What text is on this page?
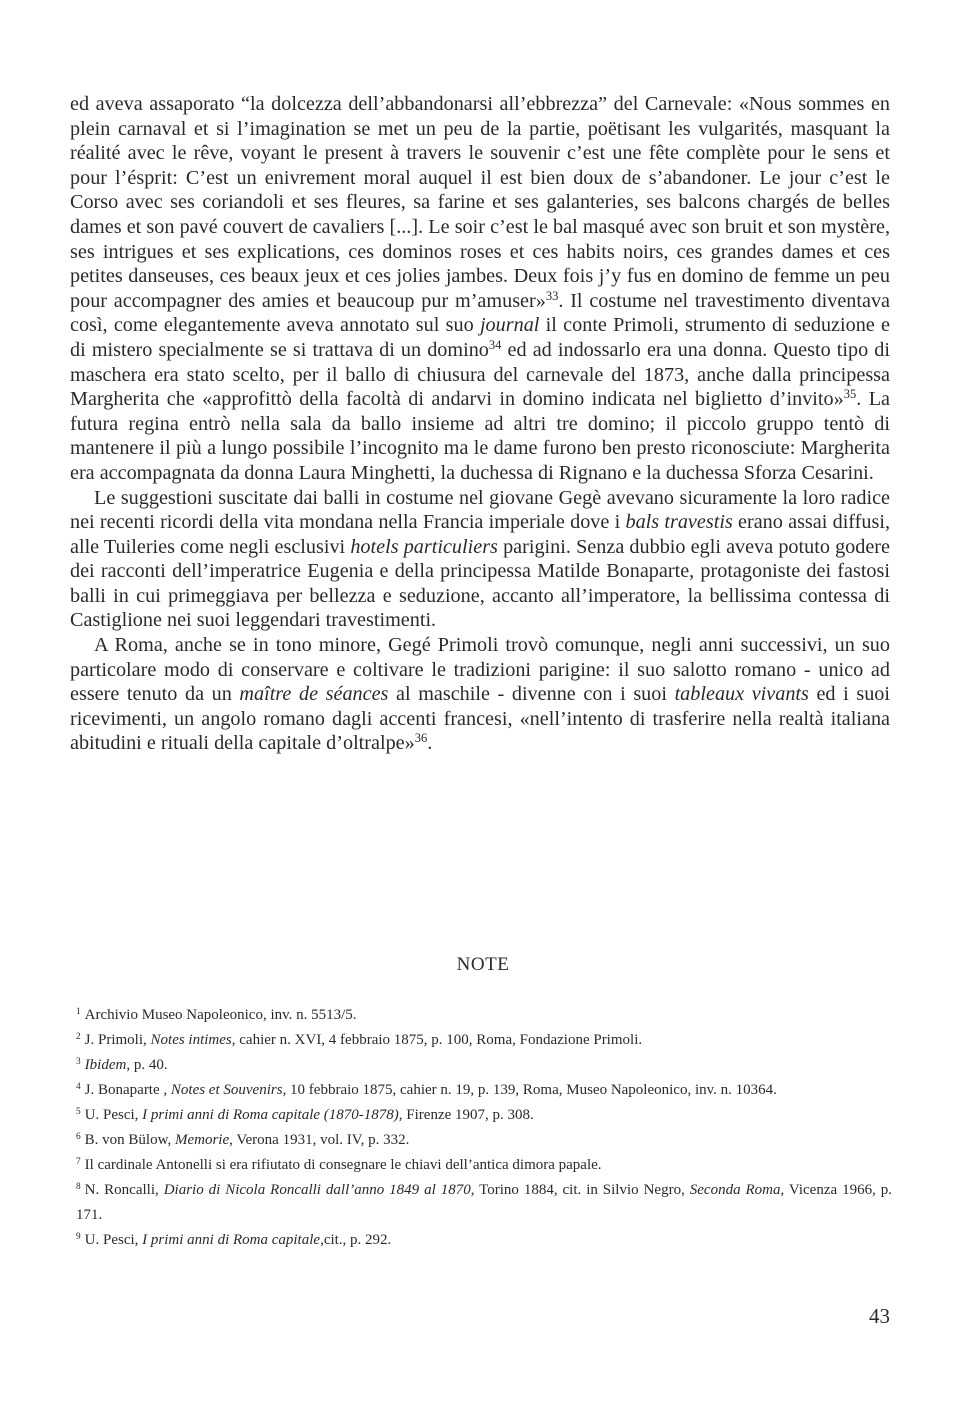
ed aveva assaporato “la dolcezza dell’abbandonarsi all’ebbrezza” del Carnevale: «Nous sommes en plein carnaval et si l’imagination se met un peu de la partie, poëtisant les vulgarités, masquant la réalité avec le rêve, voyant le present à travers le souvenir c’est une fête complète pour le sens et pour l’ésprit: C’est un enivrement moral auquel il est bien doux de s’abandoner. Le jour c’est le Corso avec ses coriandoli et ses fleures, sa farine et ses galanteries, ses balcons chargés de belles dames et son pavé couvert de cavaliers [...]. Le soir c’est le bal masqué avec son bruit et son mystère, ses intrigues et ses explications, ces dominos roses et ces habits noirs, ces grandes dames et ces petites danseuses, ces beaux jeux et ces jolies jambes. Deux fois j’y fus en domino de femme un peu pour accompagner des amies et beaucoup pur m’amuser»$^{33}$. Il costume nel travestimento diventava così, come elegantemente aveva annotato sul suo journal il conte Primoli, strumento di seduzione e di mistero specialmente se si trattava di un domino$^{34}$ ed ad indossarlo era una donna. Questo tipo di maschera era stato scelto, per il ballo di chiusura del carnevale del 1873, anche dalla principessa Margherita che «approfittò della facoltà di andarvi in domino indicata nel biglietto d’invito»$^{35}$. La futura regina entrò nella sala da ballo insieme ad altri tre domino; il piccolo gruppo tentò di mantenere il più a lungo possibile l’incognito ma le dame furono ben presto riconosciute: Margherita era accompagnata da donna Laura Minghetti, la duchessa di Rignano e la duchessa Sforza Cesarini.

Le suggestioni suscitate dai balli in costume nel giovane Gegè avevano sicuramente la loro radice nei recenti ricordi della vita mondana nella Francia imperiale dove i bals travestis erano assai diffusi, alle Tuileries come negli esclusivi hotels particuliers parigini. Senza dubbio egli aveva potuto godere dei racconti dell’imperatrice Eugenia e della principessa Matilde Bonaparte, protagoniste dei fastosi balli in cui primeggiava per bellezza e seduzione, accanto all’imperatore, la bellissima contessa di Castiglione nei suoi leggendari travestimenti.

A Roma, anche se in tono minore, Gegé Primoli trovò comunque, negli anni successivi, un suo particolare modo di conservare e coltivare le tradizioni parigine: il suo salotto romano - unico ad essere tenuto da un maître de séances al maschile - divenne con i suoi tableaux vivants ed i suoi ricevimenti, un angolo romano dagli accenti francesi, «nell’intento di trasferire nella realtà italiana abitudini e rituali della capitale d’oltralpe»$^{36}$.

NOTE

$^1$ Archivio Museo Napoleonico, inv. n. 5513/5.

$^2$ J. Primoli, Notes intimes, cahier n. XVI, 4 febbraio 1875, p. 100, Roma, Fondazione Primoli.

$^3$ Ibidem, p. 40.

$^4$ J. Bonaparte , Notes et Souvenirs, 10 febbraio 1875, cahier n. 19, p. 139, Roma, Museo Napoleonico, inv. n. 10364.

$^5$ U. Pesci, I primi anni di Roma capitale (1870-1878), Firenze 1907, p. 308.

$^6$ B. von Bülow, Memorie, Verona 1931, vol. IV, p. 332.

$^7$ Il cardinale Antonelli si era rifiutato di consegnare le chiavi dell’antica dimora papale.

$^8$ N. Roncalli, Diario di Nicola Roncalli dall’anno 1849 al 1870, Torino 1884, cit. in Silvio Negro, Seconda Roma, Vicenza 1966, p. 171.

$^9$ U. Pesci, I primi anni di Roma capitale,cit., p. 292.

43
